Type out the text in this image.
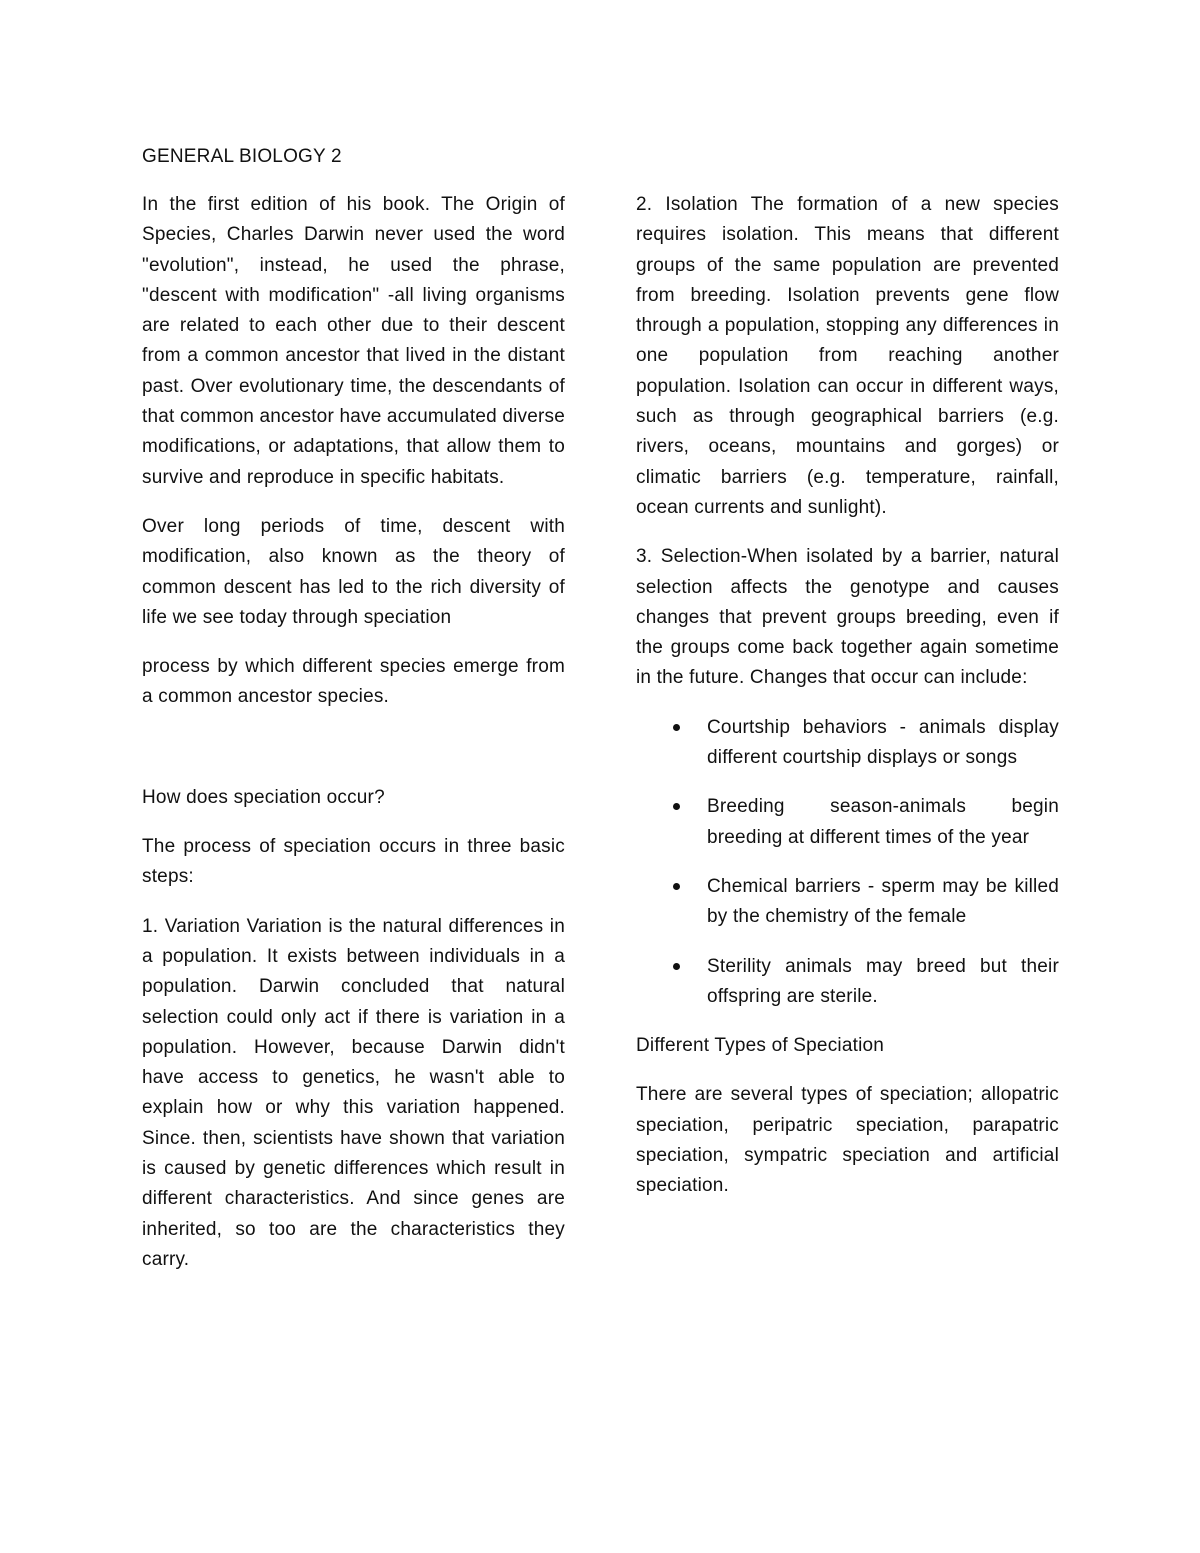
GENERAL BIOLOGY 2

In the first edition of his book. The Origin of Species, Charles Darwin never used the word "evolution", instead, he used the phrase, "descent with modification" -all living organisms are related to each other due to their descent from a common ancestor that lived in the distant past. Over evolutionary time, the descendants of that common ancestor have accumulated diverse modifications, or adaptations, that allow them to survive and reproduce in specific habitats.

Over long periods of time, descent with modification, also known as the theory of common descent has led to the rich diversity of life we see today through speciation

process by which different species emerge from a common ancestor species.

How does speciation occur?

The process of speciation occurs in three basic steps:

1. Variation Variation is the natural differences in a population. It exists between individuals in a population. Darwin concluded that natural selection could only act if there is variation in a population. However, because Darwin didn't have access to genetics, he wasn't able to explain how or why this variation happened. Since. then, scientists have shown that variation is caused by genetic differences which result in different characteristics. And since genes are inherited, so too are the characteristics they carry.

2. Isolation The formation of a new species requires isolation. This means that different groups of the same population are prevented from breeding. Isolation prevents gene flow through a population, stopping any differences in one population from reaching another population. Isolation can occur in different ways, such as through geographical barriers (e.g. rivers, oceans, mountains and gorges) or climatic barriers (e.g. temperature, rainfall, ocean currents and sunlight).

3. Selection-When isolated by a barrier, natural selection affects the genotype and causes changes that prevent groups breeding, even if the groups come back together again sometime in the future. Changes that occur can include:

Courtship behaviors - animals display different courtship displays or songs
Breeding season-animals begin breeding at different times of the year
Chemical barriers - sperm may be killed by the chemistry of the female
Sterility animals may breed but their offspring are sterile.

Different Types of Speciation

There are several types of speciation; allopatric speciation, peripatric speciation, parapatric speciation, sympatric speciation and artificial speciation.
